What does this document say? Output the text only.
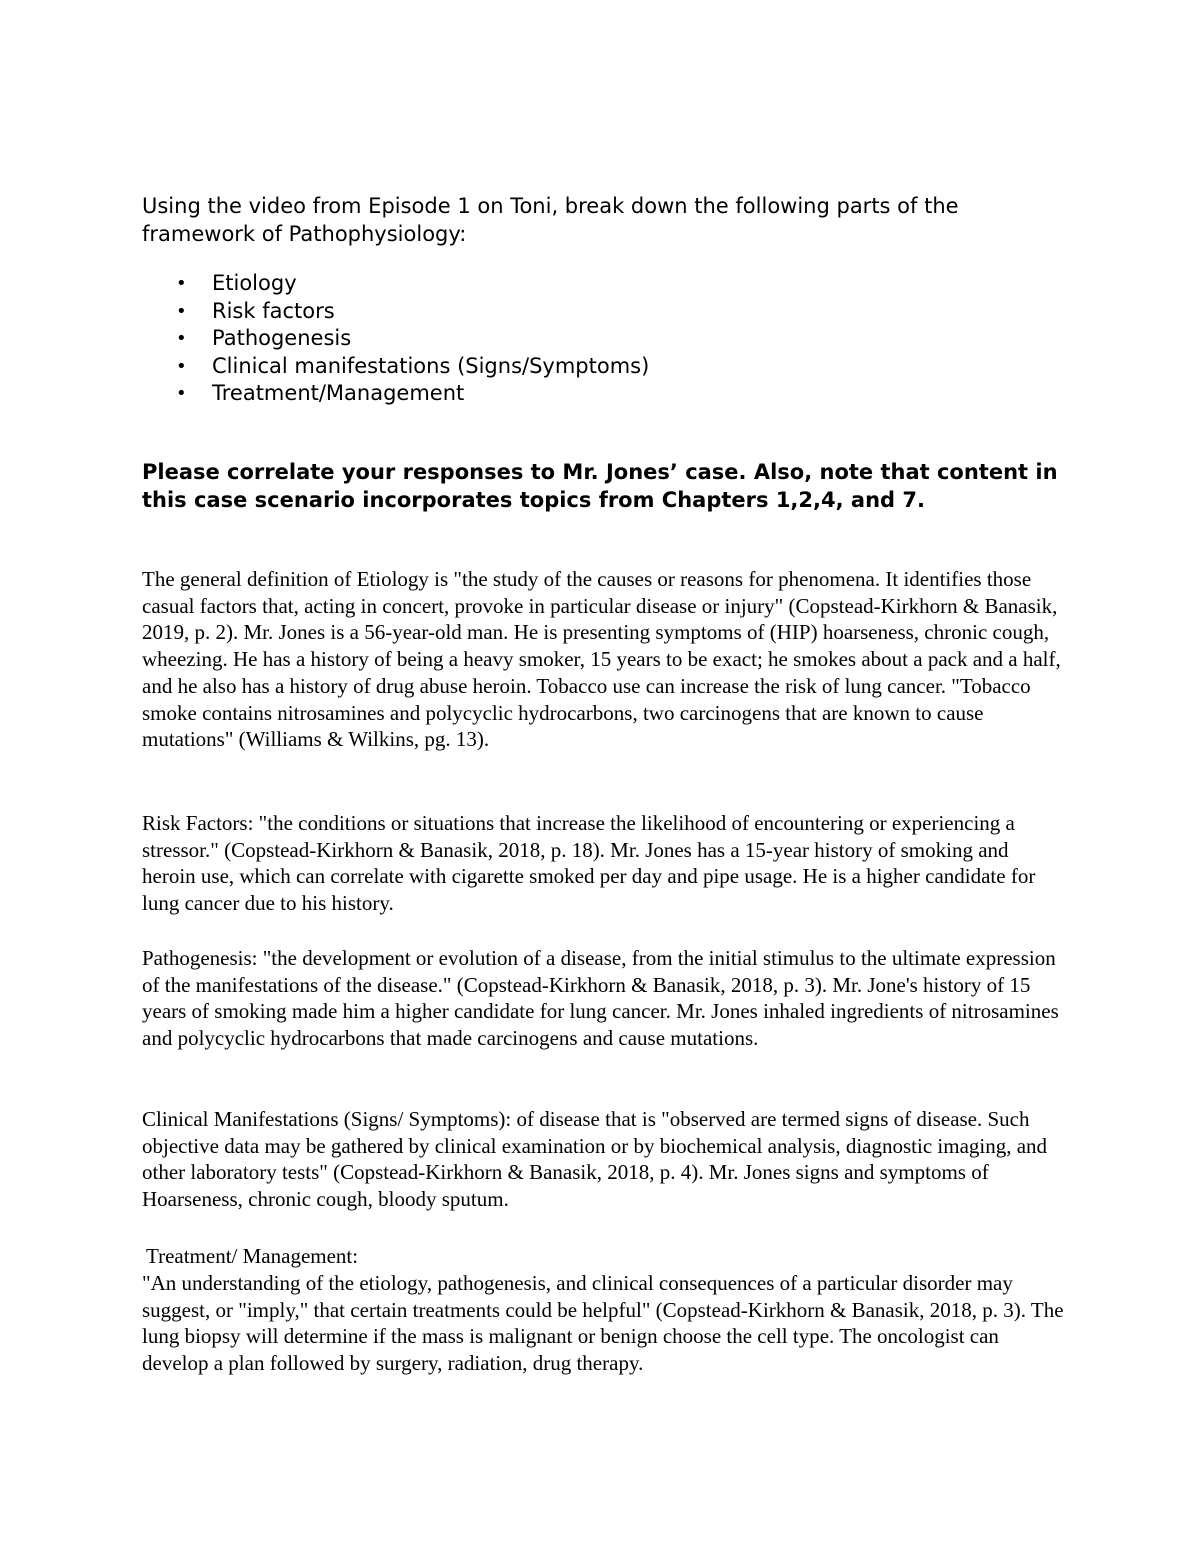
Using the video from Episode 1 on Toni, break down the following parts of the framework of Pathophysiology:
• Etiology
• Risk factors
• Pathogenesis
• Clinical manifestations (Signs/Symptoms)
• Treatment/Management
Please correlate your responses to Mr. Jones’ case. Also, note that content in this case scenario incorporates topics from Chapters 1,2,4, and 7.

The general definition of Etiology is "the study of the causes or reasons for phenomena. It identifies those casual factors that, acting in concert, provoke in particular disease or injury" (Copstead-Kirkhorn & Banasik, 2019, p. 2). Mr. Jones is a 56-year-old man. He is presenting symptoms of (HIP) hoarseness, chronic cough, wheezing. He has a history of being a heavy smoker, 15 years to be exact; he smokes about a pack and a half, and he also has a history of drug abuse heroin. Tobacco use can increase the risk of lung cancer. "Tobacco smoke contains nitrosamines and polycyclic hydrocarbons, two carcinogens that are known to cause mutations" (Williams & Wilkins, pg. 13).

Risk Factors: "the conditions or situations that increase the likelihood of encountering or experiencing a stressor." (Copstead-Kirkhorn & Banasik, 2018, p. 18). Mr. Jones has a 15-year history of smoking and heroin use, which can correlate with cigarette smoked per day and pipe usage. He is a higher candidate for lung cancer due to his history.

Pathogenesis: "the development or evolution of a disease, from the initial stimulus to the ultimate expression of the manifestations of the disease." (Copstead-Kirkhorn & Banasik, 2018, p. 3). Mr. Jone's history of 15 years of smoking made him a higher candidate for lung cancer. Mr. Jones inhaled ingredients of nitrosamines and polycyclic hydrocarbons that made carcinogens and cause mutations.

Clinical Manifestations (Signs/ Symptoms): of disease that is "observed are termed signs of disease. Such objective data may be gathered by clinical examination or by biochemical analysis, diagnostic imaging, and other laboratory tests" (Copstead-Kirkhorn & Banasik, 2018, p. 4). Mr. Jones signs and symptoms of Hoarseness, chronic cough, bloody sputum.

Treatment/ Management:

"An understanding of the etiology, pathogenesis, and clinical consequences of a particular disorder may suggest, or "imply," that certain treatments could be helpful" (Copstead-Kirkhorn & Banasik, 2018, p. 3). The lung biopsy will determine if the mass is malignant or benign choose the cell type. The oncologist can develop a plan followed by surgery, radiation, drug therapy.
